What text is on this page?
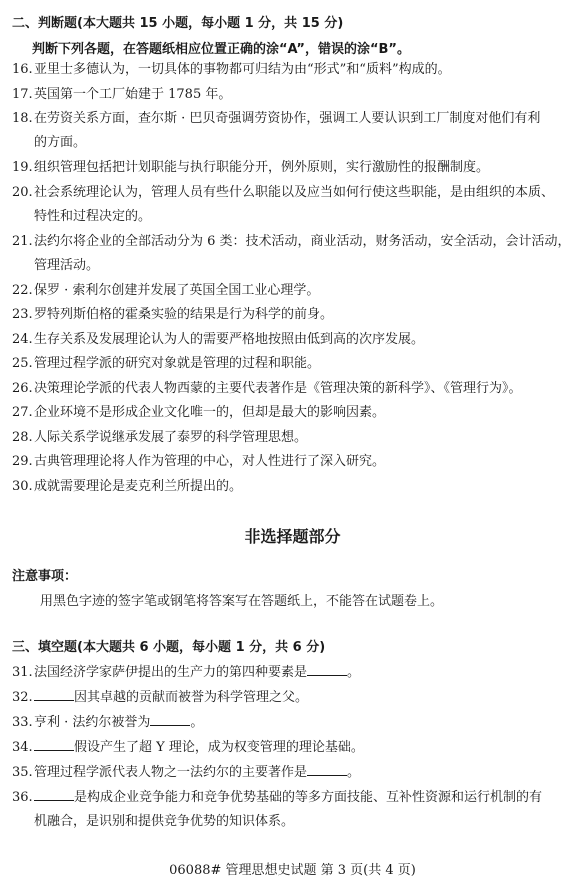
二、判断题(本大题共 15 小题，每小题 1 分，共 15 分)
判断下列各题，在答题纸相应位置正确的涂“A”，错误的涂“B”。
16.亚里士多德认为，一切具体的事物都可归结为由“形式”和“质料”构成的。
17.英国第一个工厂始建于 1785 年。
18.在劳资关系方面，查尔斯 · 巴贝奇强调劳资协作，强调工人要认识到工厂制度对他们有利
的方面。
19.组织管理包括把计划职能与执行职能分开，例外原则，实行激励性的报酬制度。
20.社会系统理论认为，管理人员有些什么职能以及应当如何行使这些职能，是由组织的本质、
特性和过程决定的。
21.法约尔将企业的全部活动分为 6 类：技术活动，商业活动，财务活动，安全活动，会计活动，
管理活动。
22.保罗 · 索利尔创建并发展了英国全国工业心理学。
23.罗特列斯伯格的霍桑实验的结果是行为科学的前身。
24.生存关系及发展理论认为人的需要严格地按照由低到高的次序发展。
25.管理过程学派的研究对象就是管理的过程和职能。
26.决策理论学派的代表人物西蒙的主要代表著作是《管理决策的新科学》、《管理行为》。
27.企业环境不是形成企业文化唯一的，但却是最大的影响因素。
28.人际关系学说继承发展了泰罗的科学管理思想。
29.古典管理理论将人作为管理的中心，对人性进行了深入研究。
30.成就需要理论是麦克利兰所提出的。
非选择题部分
注意事项：
用黑色字迹的签字笔或钢笔将答案写在答题纸上，不能答在试题卷上。
三、填空题(本大题共 6 小题，每小题 1 分，共 6 分)
31.法国经济学家萨伊提出的生产力的第四种要素是	。
32.	因其卓越的贡献而被誉为科学管理之父。
33.亨利 · 法约尔被誉为	。
34.	假设产生了超 Y 理论，成为权变管理的理论基础。
35.管理过程学派代表人物之一法约尔的主要著作是	。
36.	是构成企业竞争能力和竞争优势基础的等多方面技能、互补性资源和运行机制的有
机融合，是识别和提供竞争优势的知识体系。
06088# 管理思想史试题 第 3 页(共 4 页)
